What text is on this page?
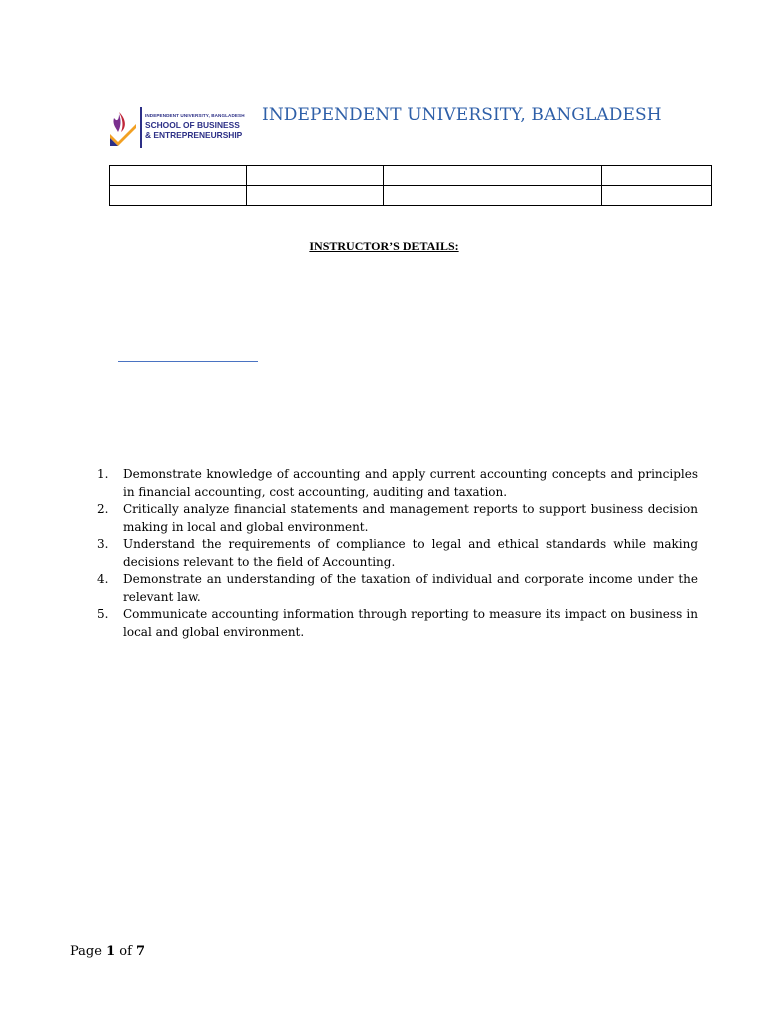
INDEPENDENT UNIVERSITY, BANGLADESH
SCHOOL OF BUSINESS
& ENTREPRENEURSHIP
INDEPENDENT UNIVERSITY, BANGLADESH

INSTRUCTOR’S DETAILS:
1. Demonstrate knowledge of accounting and apply current accounting concepts and principles in financial accounting, cost accounting, auditing and taxation.
2. Critically analyze financial statements and management reports to support business decision making in local and global environment.
3. Understand the requirements of compliance to legal and ethical standards while making decisions relevant to the field of Accounting.
4. Demonstrate an understanding of the taxation of individual and corporate income under the relevant law.
5. Communicate accounting information through reporting to measure its impact on business in local and global environment.
Page 1 of 7
